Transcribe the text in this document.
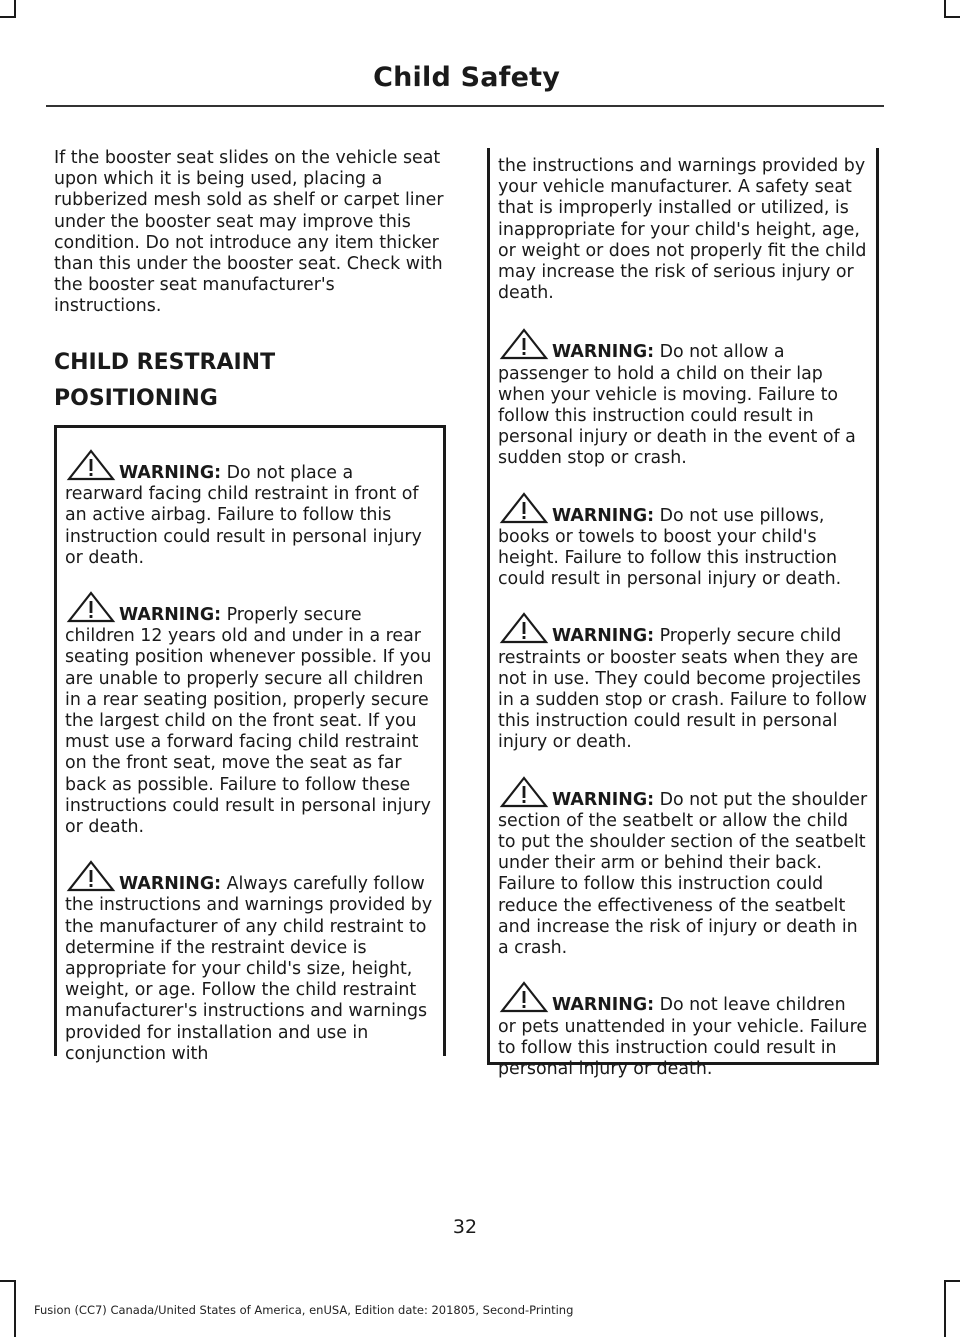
Child Safety

If the booster seat slides on the vehicle seat upon which it is being used, placing a rubberized mesh sold as shelf or carpet liner under the booster seat may improve this condition. Do not introduce any item thicker than this under the booster seat. Check with the booster seat manufacturer's instructions.

CHILD RESTRAINT

POSITIONING

WARNING: Do not place a rearward facing child restraint in front of an active airbag. Failure to follow this instruction could result in personal injury or death.
WARNING: Properly secure children 12 years old and under in a rear seating position whenever possible. If you are unable to properly secure all children in a rear seating position, properly secure the largest child on the front seat. If you must use a forward facing child restraint on the front seat, move the seat as far back as possible. Failure to follow these instructions could result in personal injury or death.
WARNING: Always carefully follow the instructions and warnings provided by the manufacturer of any child restraint to determine if the restraint device is appropriate for your child's size, height, weight, or age. Follow the child restraint manufacturer's instructions and warnings provided for installation and use in conjunction with

the instructions and warnings provided by your vehicle manufacturer. A safety seat that is improperly installed or utilized, is inappropriate for your child's height, age, or weight or does not properly fit the child may increase the risk of serious injury or death.

WARNING: Do not allow a passenger to hold a child on their lap when your vehicle is moving. Failure to follow this instruction could result in personal injury or death in the event of a sudden stop or crash.
WARNING: Do not use pillows, books or towels to boost your child's height. Failure to follow this instruction could result in personal injury or death.
WARNING: Properly secure child restraints or booster seats when they are not in use. They could become projectiles in a sudden stop or crash. Failure to follow this instruction could result in personal injury or death.
WARNING: Do not put the shoulder section of the seatbelt or allow the child to put the shoulder section of the seatbelt under their arm or behind their back. Failure to follow this instruction could reduce the effectiveness of the seatbelt and increase the risk of injury or death in a crash.
WARNING: Do not leave children or pets unattended in your vehicle. Failure to follow this instruction could result in personal injury or death.
32
Fusion (CC7) Canada/United States of America, enUSA, Edition date: 201805, Second-Printing
